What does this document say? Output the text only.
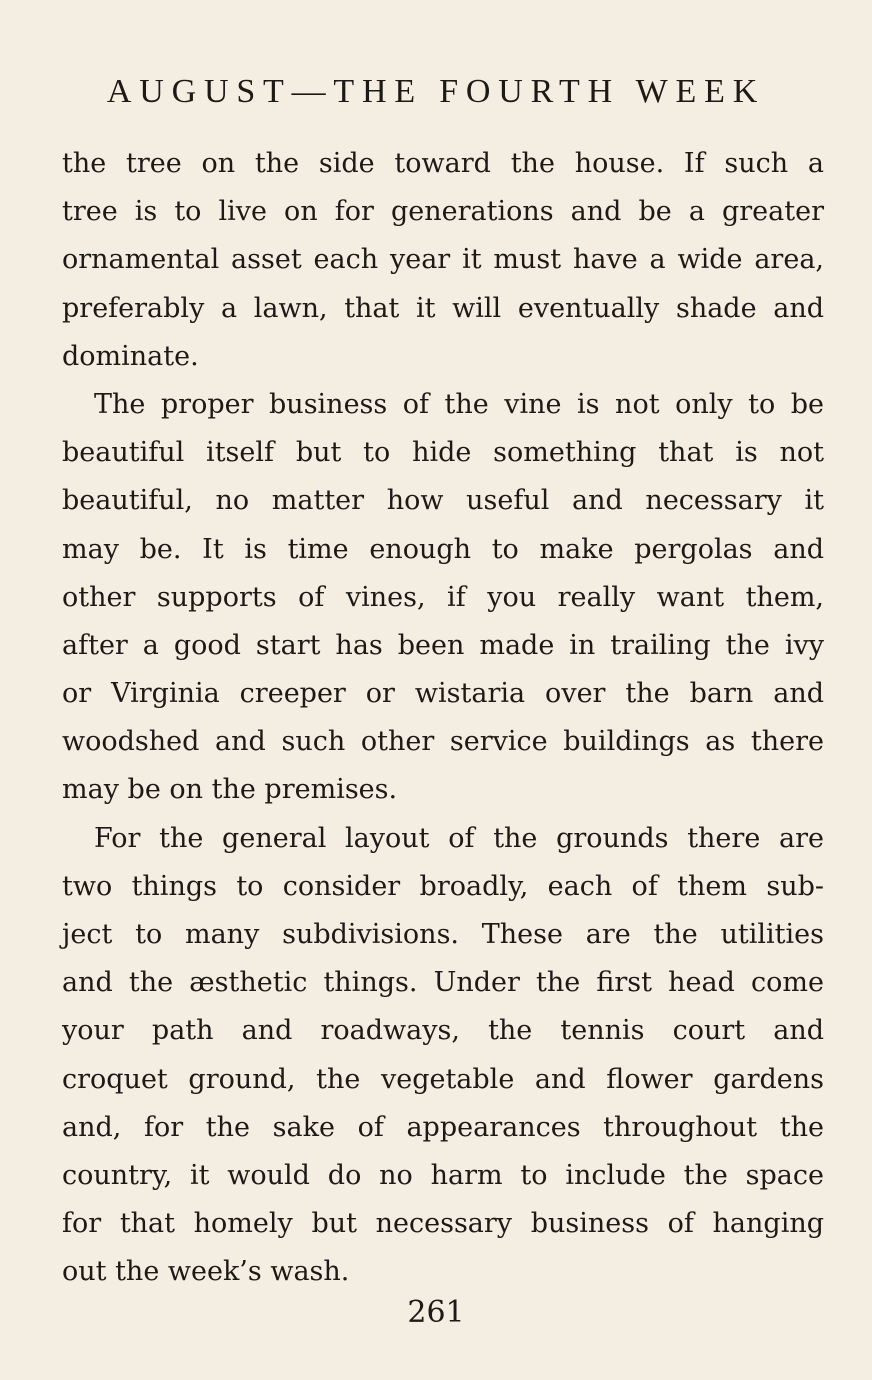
AUGUST—THE FOURTH WEEK
the tree on the side toward the house. If such a
tree is to live on for generations and be a greater
ornamental asset each year it must have a wide area,
preferably a lawn, that it will eventually shade and
dominate.
The proper business of the vine is not only to be
beautiful itself but to hide something that is not
beautiful, no matter how useful and necessary it
may be. It is time enough to make pergolas and
other supports of vines, if you really want them,
after a good start has been made in trailing the ivy
or Virginia creeper or wistaria over the barn and
woodshed and such other service buildings as there
may be on the premises.
For the general layout of the grounds there are
two things to consider broadly, each of them sub-
ject to many subdivisions. These are the utilities
and the æsthetic things. Under the first head come
your path and roadways, the tennis court and
croquet ground, the vegetable and flower gardens
and, for the sake of appearances throughout the
country, it would do no harm to include the space
for that homely but necessary business of hanging
out the week’s wash.
261
